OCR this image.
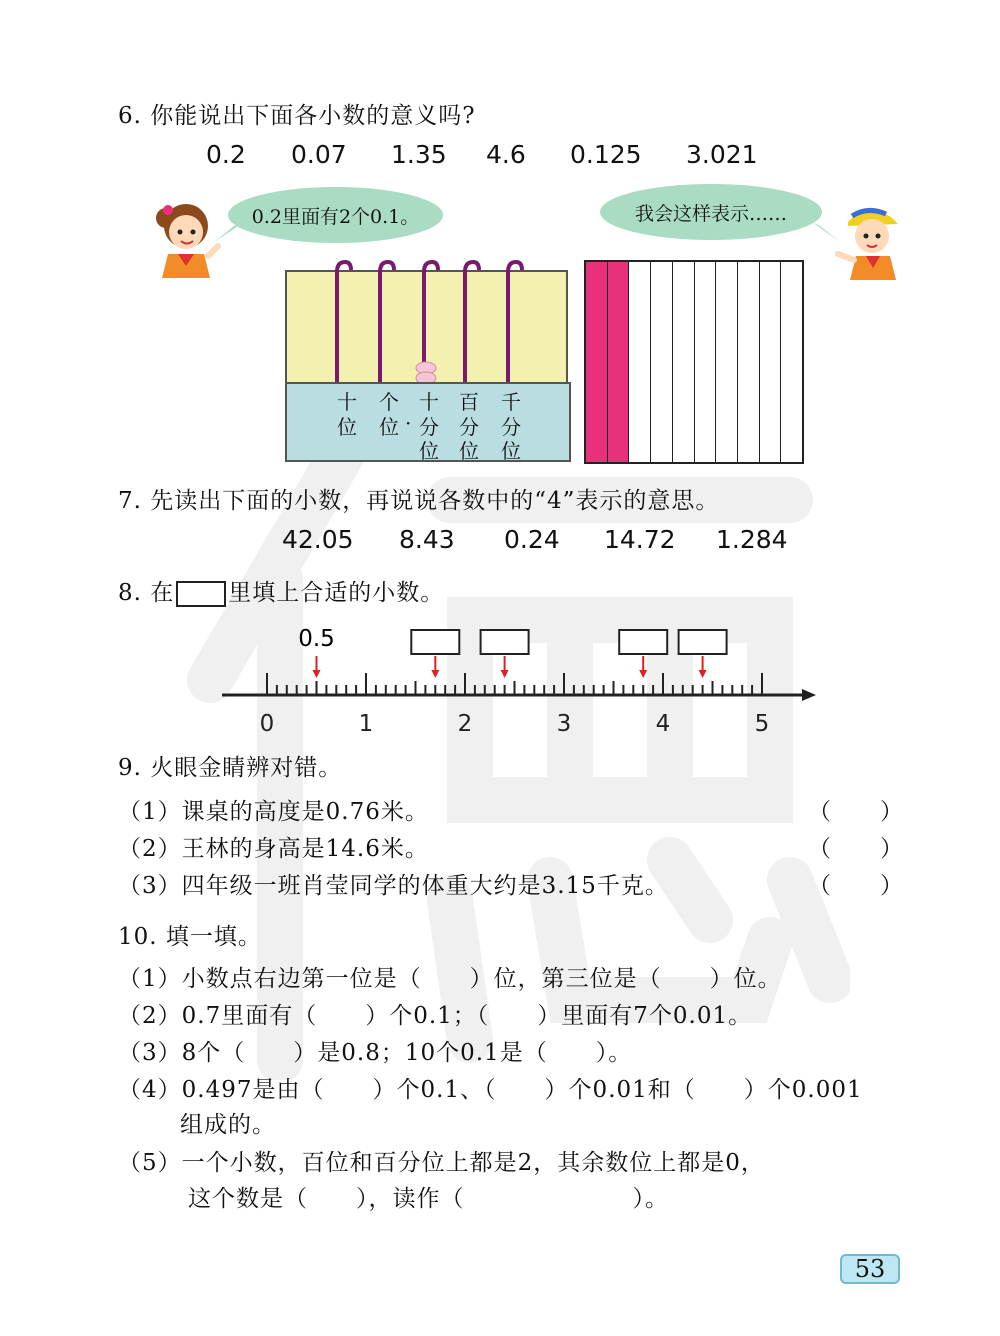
6. 你能说出下面各小数的意义吗?
0.2 0.07 1.35 4.6 0.125 3.021
0.2里面有2个0.1。	我会这样表示……
十 个 十 百 千
位 位 · 分 分 分
位 位 位
7. 先读出下面的小数，再说说各数中的“4”表示的意思。
42.05 8.43 0.24 14.72 1.284
8. 在 里填上合适的小数。
0.5
0	1	2	3	4	5
9. 火眼金睛辨对错。
（1）课桌的高度是0.76米。	（　　）
（2）王林的身高是14.6米。	（　　）
（3）四年级一班肖莹同学的体重大约是3.15千克。	（　　）
10. 填一填。
（1）小数点右边第一位是（　　）位，第三位是（　　）位。
（2）0.7里面有（　　）个0.1；（　　）里面有7个0.01。
（3）8个（　　）是0.8；10个0.1是（　　）。
（4）0.497是由（　　）个0.1、（　　）个0.01和（　　）个0.001
组成的。
（5）一个小数，百位和百分位上都是2，其余数位上都是0，
这个数是（　　），读作（　　　　　　　）。
53
